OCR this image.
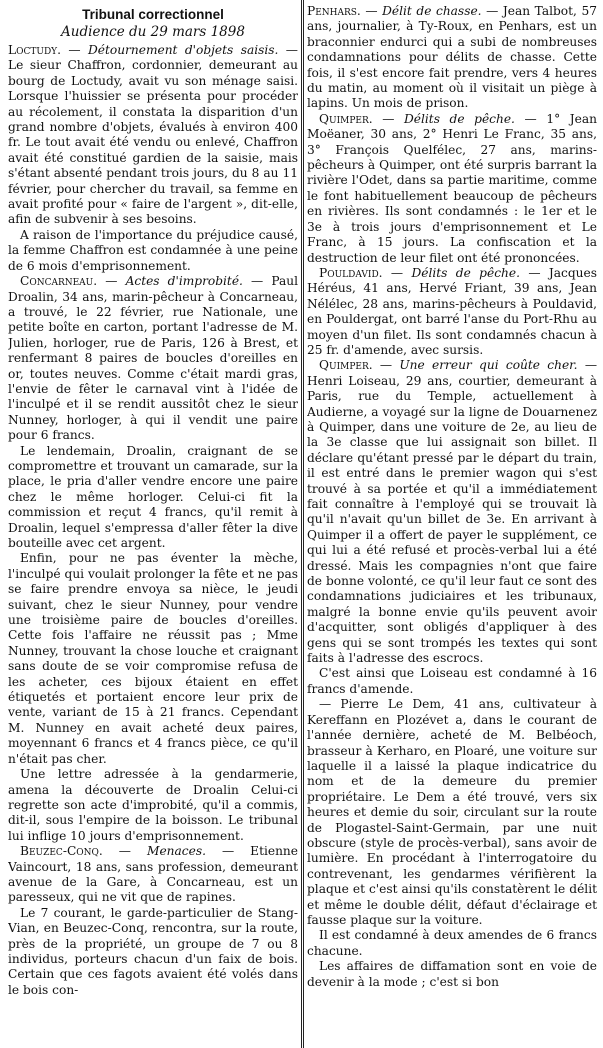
Tribunal correctionnel
Audience du 29 mars 1898

Loctudy. — Détournement d'objets saisis. — Le sieur Chaffron, cordonnier, demeurant au bourg de Loctudy, avait vu son ménage saisi. Lorsque l'huissier se présenta pour procéder au récolement, il constata la disparition d'un grand nombre d'objets, évalués à environ 400 fr. Le tout avait été vendu ou enlevé, Chaffron avait été constitué gardien de la saisie, mais s'étant absenté pendant trois jours, du 8 au 11 février, pour chercher du travail, sa femme en avait profité pour « faire de l'argent », dit-elle, afin de subvenir à ses besoins.

A raison de l'importance du préjudice causé, la femme Chaffron est condamnée à une peine de 6 mois d'emprisonnement.

Concarneau. — Actes d'improbité. — Paul Droalin, 34 ans, marin-pêcheur à Concarneau, a trouvé, le 22 février, rue Nationale, une petite boîte en carton, portant l'adresse de M. Julien, horloger, rue de Paris, 126 à Brest, et renfermant 8 paires de boucles d'oreilles en or, toutes neuves. Comme c'était mardi gras, l'envie de fêter le carnaval vint à l'idée de l'inculpé et il se rendit aussitôt chez le sieur Nunney, horloger, à qui il vendit une paire pour 6 francs.

Le lendemain, Droalin, craignant de se compromettre et trouvant un camarade, sur la place, le pria d'aller vendre encore une paire chez le même horloger. Celui-ci fit la commission et reçut 4 francs, qu'il remit à Droalin, lequel s'empressa d'aller fêter la dive bouteille avec cet argent.

Enfin, pour ne pas éventer la mèche, l'inculpé qui voulait prolonger la fête et ne pas se faire prendre envoya sa nièce, le jeudi suivant, chez le sieur Nunney, pour vendre une troisième paire de boucles d'oreilles. Cette fois l'affaire ne réussit pas ; Mme Nunney, trouvant la chose louche et craignant sans doute de se voir compromise refusa de les acheter, ces bijoux étaient en effet étiquetés et portaient encore leur prix de vente, variant de 15 à 21 francs. Cependant M. Nunney en avait acheté deux paires, moyennant 6 francs et 4 francs pièce, ce qu'il n'était pas cher.

Une lettre adressée à la gendarmerie, amena la découverte de Droalin Celui-ci regrette son acte d'improbité, qu'il a commis, dit-il, sous l'empire de la boisson. Le tribunal lui inflige 10 jours d'emprisonnement.

Beuzec-Conq. — Menaces. — Etienne Vaincourt, 18 ans, sans profession, demeurant avenue de la Gare, à Concarneau, est un paresseux, qui ne vit que de rapines.

Le 7 courant, le garde-particulier de Stang-Vian, en Beuzec-Conq, rencontra, sur la route, près de la propriété, un groupe de 7 ou 8 individus, porteurs chacun d'un faix de bois. Certain que ces fagots avaient été volés dans le bois con-

Penhars. — Délit de chasse. — Jean Talbot, 57 ans, journalier, à Ty-Roux, en Penhars, est un braconnier endurci qui a subi de nombreuses condamnations pour délits de chasse. Cette fois, il s'est encore fait prendre, vers 4 heures du matin, au moment où il visitait un piège à lapins. Un mois de prison.

Quimper. — Délits de pêche. — 1° Jean Moëaner, 30 ans, 2° Henri Le Franc, 35 ans, 3° François Quelfélec, 27 ans, marins-pêcheurs à Quimper, ont été surpris barrant la rivière l'Odet, dans sa partie maritime, comme le font habituellement beaucoup de pêcheurs en rivières. Ils sont condamnés : le 1er et le 3e à trois jours d'emprisonnement et Le Franc, à 15 jours. La confiscation et la destruction de leur filet ont été prononcées.

Pouldavid. — Délits de pêche. — Jacques Héréus, 41 ans, Hervé Friant, 39 ans, Jean Nélélec, 28 ans, marins-pêcheurs à Pouldavid, en Pouldergat, ont barré l'anse du Port-Rhu au moyen d'un filet. Ils sont condamnés chacun à 25 fr. d'amende, avec sursis.

Quimper. — Une erreur qui coûte cher. — Henri Loiseau, 29 ans, courtier, demeurant à Paris, rue du Temple, actuellement à Audierne, a voyagé sur la ligne de Douarnenez à Quimper, dans une voiture de 2e, au lieu de la 3e classe que lui assignait son billet. Il déclare qu'étant pressé par le départ du train, il est entré dans le premier wagon qui s'est trouvé à sa portée et qu'il a immédiatement fait connaître à l'employé qui se trouvait là qu'il n'avait qu'un billet de 3e. En arrivant à Quimper il a offert de payer le supplément, ce qui lui a été refusé et procès-verbal lui a été dressé. Mais les compagnies n'ont que faire de bonne volonté, ce qu'il leur faut ce sont des condamnations judiciaires et les tribunaux, malgré la bonne envie qu'ils peuvent avoir d'acquitter, sont obligés d'appliquer à des gens qui se sont trompés les textes qui sont faits à l'adresse des escrocs.

C'est ainsi que Loiseau est condamné à 16 francs d'amende.

— Pierre Le Dem, 41 ans, cultivateur à Kereffann en Plozévet a, dans le courant de l'année dernière, acheté de M. Belbéoch, brasseur à Kerharo, en Ploaré, une voiture sur laquelle il a laissé la plaque indicatrice du nom et de la demeure du premier propriétaire. Le Dem a été trouvé, vers six heures et demie du soir, circulant sur la route de Plogastel-Saint-Germain, par une nuit obscure (style de procès-verbal), sans avoir de lumière. En procédant à l'interrogatoire du contrevenant, les gendarmes vérifièrent la plaque et c'est ainsi qu'ils constatèrent le délit et même le double délit, défaut d'éclairage et fausse plaque sur la voiture.

Il est condamné à deux amendes de 6 francs chacune.

Les affaires de diffamation sont en voie de devenir à la mode ; c'est si bon
